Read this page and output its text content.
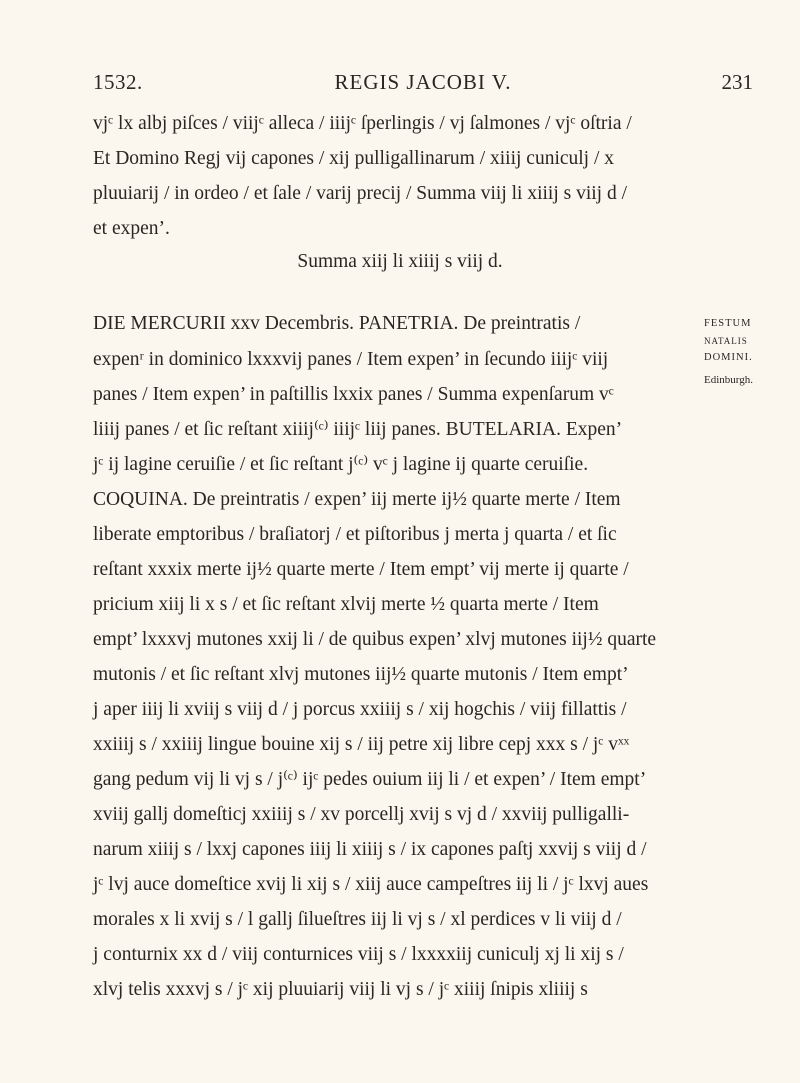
1532.	REGIS JACOBI V.	231
vjᶜ lx albj piſces / viijᶜ alleca / iiijᶜ ſperlingis / vj ſalmones / vjᶜ oſtria /
Et Domino Regj vij capones / xij pulligallinarum / xiiij cuniculj / x
pluuiarij / in ordeo / et ſale / varij precij / Summa viij li xiiij s viij d /
et expen’.
Summa xiij li xiiij s viij d.
DIE MERCURII xxv Decembris. PANETRIA. De preintratis /
expenʳ in dominico lxxxvij panes / Item expen’ in ſecundo iiijᶜ viij
panes / Item expen’ in paſtillis lxxix panes / Summa expenſarum vᶜ
liiij panes / et ſic reſtant xiiij⁽ᶜ⁾ iiijᶜ liij panes. BUTELARIA. Expen’
jᶜ ij lagine ceruiſie / et ſic reſtant j⁽ᶜ⁾ vᶜ j lagine ij quarte ceruiſie.
COQUINA. De preintratis / expen’ iij merte ij½ quarte merte / Item
liberate emptoribus / braſiatorj / et piſtoribus j merta j quarta / et ſic
reſtant xxxix merte ij½ quarte merte / Item empt’ vij merte ij quarte /
pricium xiij li x s / et ſic reſtant xlvij merte ½ quarta merte / Item
empt’ lxxxvj mutones xxij li / de quibus expen’ xlvj mutones iij½ quarte
mutonis / et ſic reſtant xlvj mutones iij½ quarte mutonis / Item empt’
j aper iiij li xviij s viij d / j porcus xxiiij s / xij hogchis / viij fillattis /
xxiiij s / xxiiij lingue bouine xij s / iij petre xij libre cepj xxx s / jᶜ vˣˣ
gang pedum vij li vj s / j⁽ᶜ⁾ ijᶜ pedes ouium iij li / et expen’ / Item empt’
xviij gallj domeſticj xxiiij s / xv porcellj xvij s vj d / xxviij pulligalli-
narum xiiij s / lxxj capones iiij li xiiij s / ix capones paſtj xxvij s viij d /
jᶜ lvj auce domeſtice xvij li xij s / xiij auce campeſtres iij li / jᶜ lxvj aues
morales x li xvij s / l gallj ſilueſtres iij li vj s / xl perdices v li viij d /
j conturnix xx d / viij conturnices viij s / lxxxxiij cuniculj xj li xij s /
xlvj telis xxxvj s / jᶜ xij pluuiarij viij li vj s / jᶜ xiiij ſnipis xliiij s
FESTUM
NATALIS
DOMINI.
Edinburgh.
